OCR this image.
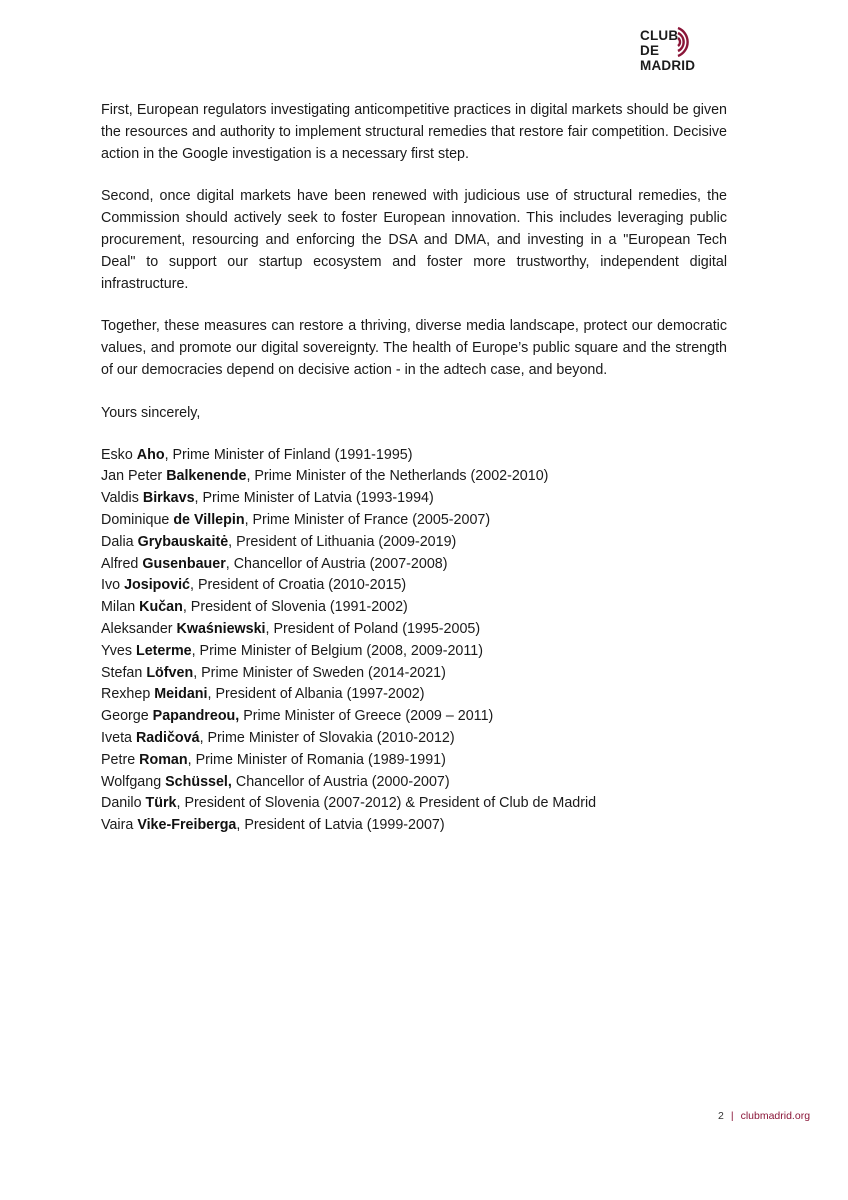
CLUB
DE
MADRID

First, European regulators investigating anticompetitive practices in digital markets should be given the resources and authority to implement structural remedies that restore fair competition. Decisive action in the Google investigation is a necessary first step.

Second, once digital markets have been renewed with judicious use of structural remedies, the Commission should actively seek to foster European innovation. This includes leveraging public procurement, resourcing and enforcing the DSA and DMA, and investing in a "European Tech Deal" to support our startup ecosystem and foster more trustworthy, independent digital infrastructure.

Together, these measures can restore a thriving, diverse media landscape, protect our democratic values, and promote our digital sovereignty. The health of Europe’s public square and the strength of our democracies depend on decisive action - in the adtech case, and beyond.

Yours sincerely,

Esko Aho, Prime Minister of Finland (1991-1995)
Jan Peter Balkenende, Prime Minister of the Netherlands (2002-2010)
Valdis Birkavs, Prime Minister of Latvia (1993-1994)
Dominique de Villepin, Prime Minister of France (2005-2007)
Dalia Grybauskaitė, President of Lithuania (2009-2019)
Alfred Gusenbauer, Chancellor of Austria (2007-2008)
Ivo Josipović, President of Croatia (2010-2015)
Milan Kučan, President of Slovenia (1991-2002)
Aleksander Kwaśniewski, President of Poland (1995-2005)
Yves Leterme, Prime Minister of Belgium (2008, 2009-2011)
Stefan Löfven, Prime Minister of Sweden (2014-2021)
Rexhep Meidani, President of Albania (1997-2002)
George Papandreou, Prime Minister of Greece (2009 – 2011)
Iveta Radičová, Prime Minister of Slovakia (2010-2012)
Petre Roman, Prime Minister of Romania (1989-1991)
Wolfgang Schüssel, Chancellor of Austria (2000-2007)
Danilo Türk, President of Slovenia (2007-2012) & President of Club de Madrid
Vaira Vike-Freiberga, President of Latvia (1999-2007)
2 | clubmadrid.org
